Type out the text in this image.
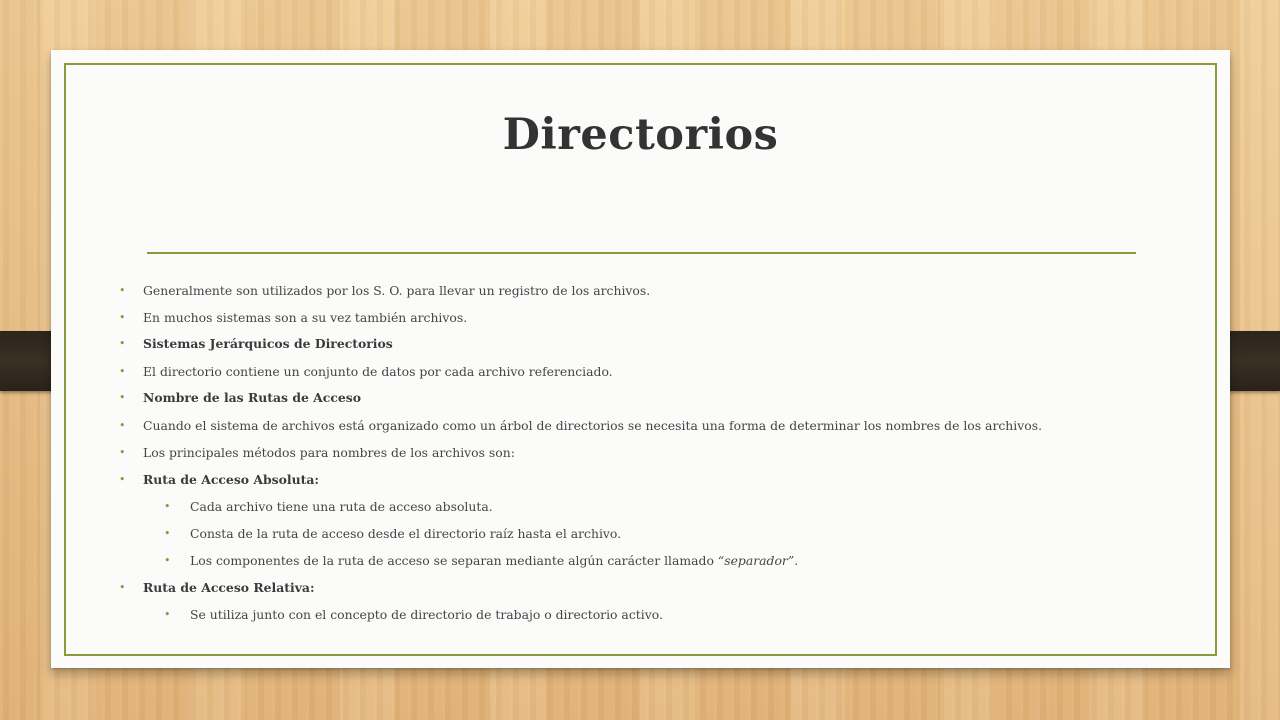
Directorios
• Generalmente son utilizados por los S. O. para llevar un registro de los archivos.
• En muchos sistemas son a su vez también archivos.
• Sistemas Jerárquicos de Directorios
• El directorio contiene un conjunto de datos por cada archivo referenciado.
• Nombre de las Rutas de Acceso
• Cuando el sistema de archivos está organizado como un árbol de directorios se necesita una forma de determinar los nombres de los archivos.
• Los principales métodos para nombres de los archivos son:
• Ruta de Acceso Absoluta:
• Cada archivo tiene una ruta de acceso absoluta.
• Consta de la ruta de acceso desde el directorio raíz hasta el archivo.
• Los componentes de la ruta de acceso se separan mediante algún carácter llamado “separador”.
• Ruta de Acceso Relativa:
• Se utiliza junto con el concepto de directorio de trabajo o directorio activo.
